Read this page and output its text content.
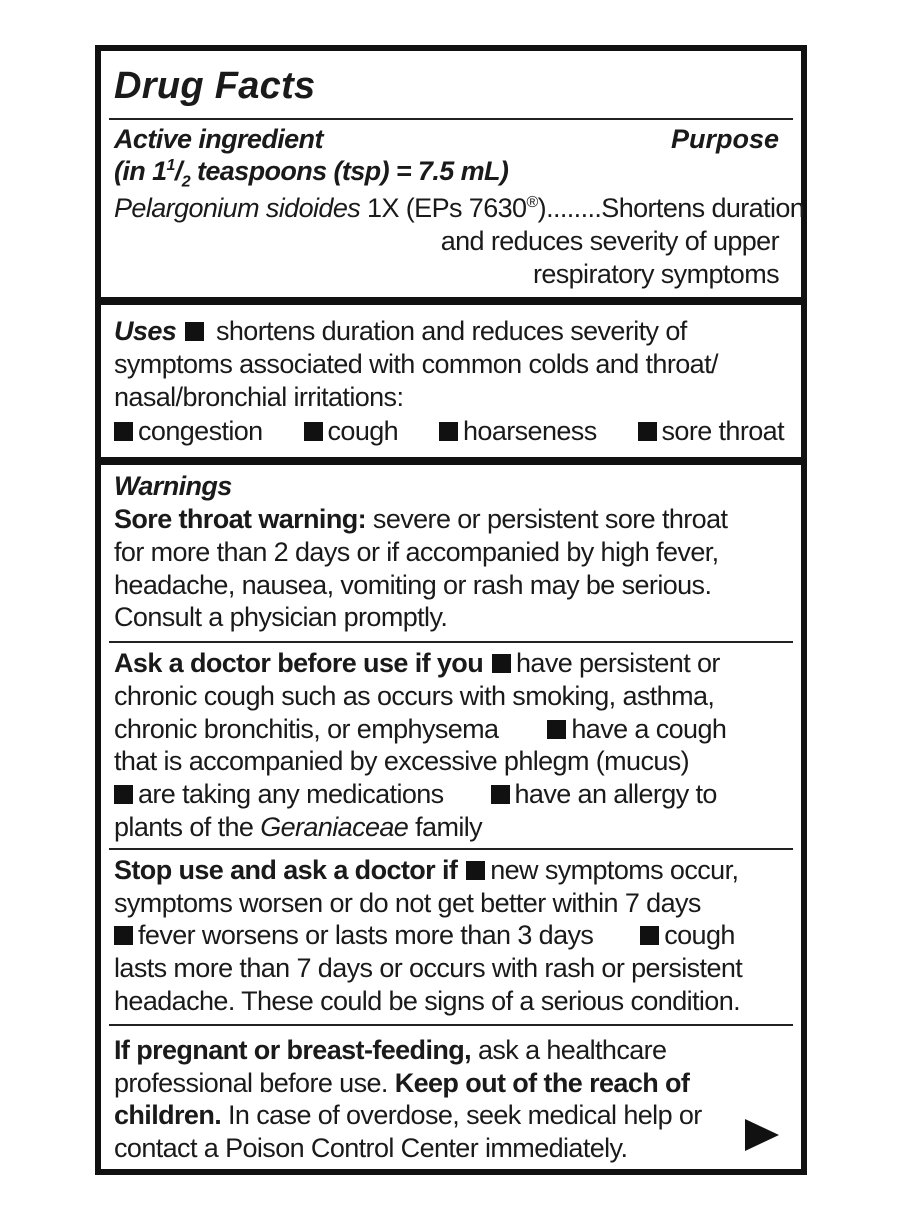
Drug Facts
Active ingredient	Purpose
(in $1^1/_2$ teaspoons (tsp) = 7.5 mL)
Pelargonium sidoides 1X (EPs 7630®)........Shortens duration
and reduces severity of upper
respiratory symptoms
Uses  shortens duration and reduces severity of
symptoms associated with common colds and throat/
nasal/bronchial irritations:
congestion cough hoarseness sore throat
Warnings
Sore throat warning: severe or persistent sore throat
for more than 2 days or if accompanied by high fever,
headache, nausea, vomiting or rash may be serious.
Consult a physician promptly.
Ask a doctor before use if you have persistent or
chronic cough such as occurs with smoking, asthma,
chronic bronchitis, or emphysema	have a cough
that is accompanied by excessive phlegm (mucus)
are taking any medications	have an allergy to
plants of the Geraniaceae family
Stop use and ask a doctor if new symptoms occur,
symptoms worsen or do not get better within 7 days
fever worsens or lasts more than 3 days	cough
lasts more than 7 days or occurs with rash or persistent
headache. These could be signs of a serious condition.
If pregnant or breast-feeding, ask a healthcare
professional before use. Keep out of the reach of
children. In case of overdose, seek medical help or
contact a Poison Control Center immediately.
